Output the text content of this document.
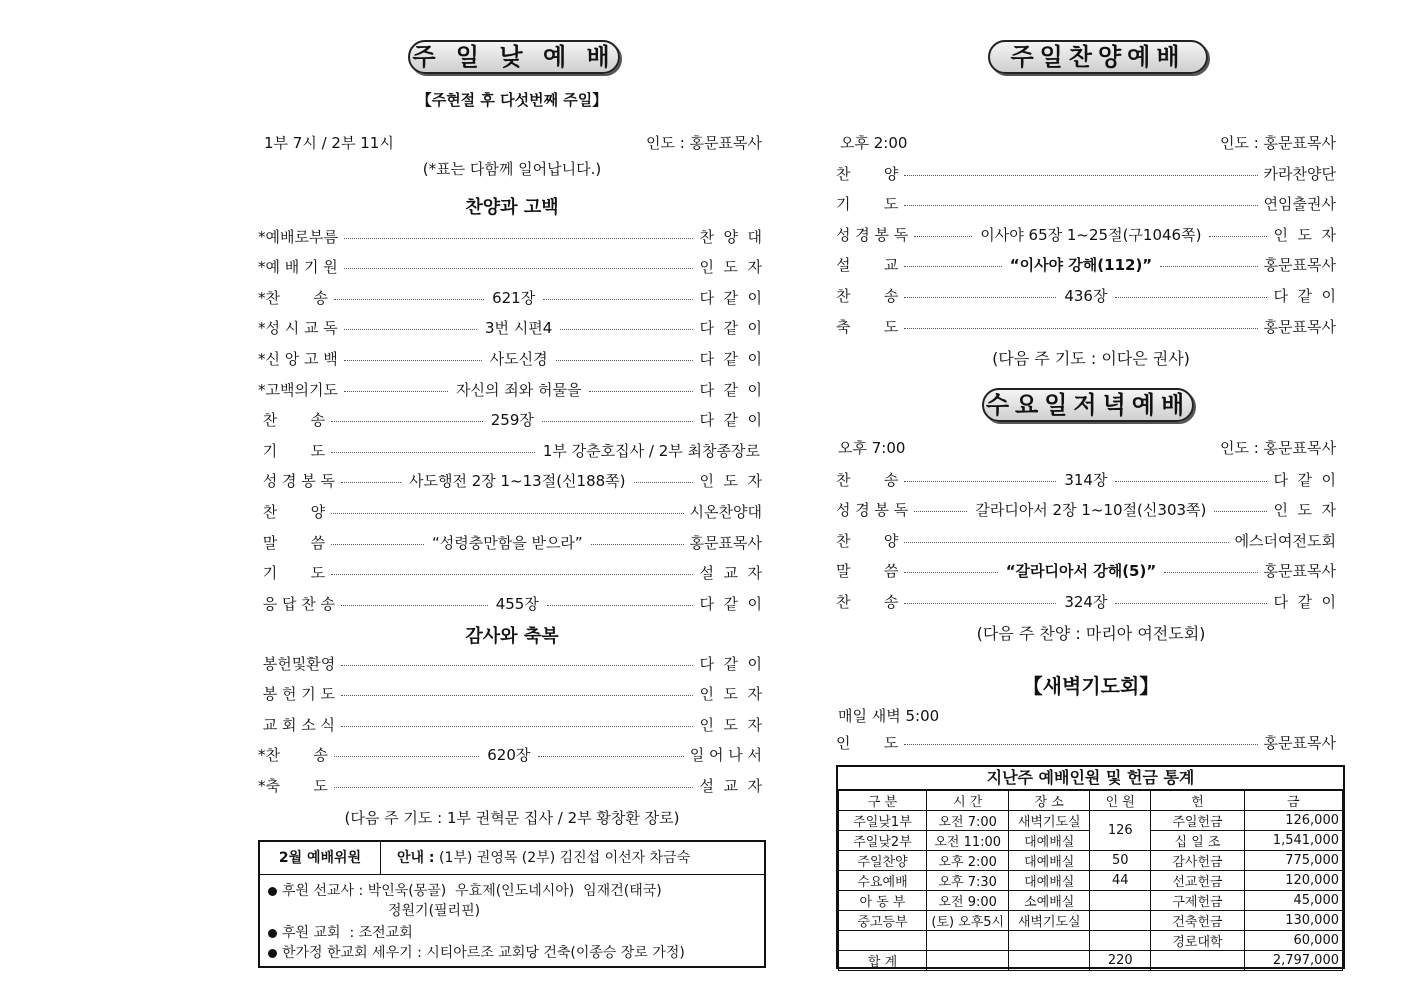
주 일 낮 예 배
【주현절 후 다섯번째 주일】
1부 7시 / 2부 11시	인도 : 홍문표목사
(*표는 다함께 일어납니다.)
찬양과 고백
*예배로부름	찬  양  대
*예 배 기 원	인  도  자
*찬       송	621장	다  같  이
*성 시 교 독	3번 시편4	다  같  이
*신 앙 고 백	사도신경	다  같  이
*고백의기도	자신의 죄와 허물을	다  같  이
찬       송	259장	다  같  이
기       도	1부 강춘호집사 / 2부 최창종장로
성 경 봉 독	사도행전 2장 1~13절(신188쪽)	인  도  자
찬       양	시온찬양대
말       씀	“성령충만함을 받으라”	홍문표목사
기       도	설  교  자
응 답 찬 송	455장	다  같  이
감사와 축복
봉헌및환영	다  같  이
봉 헌 기 도	인  도  자
교 회 소 식	인  도  자
*찬       송	620장	일 어 나 서
*축       도	설  교  자
(다음 주 기도 : 1부 권혁문 집사 / 2부 황창환 장로)
2월 예배위원	안내 : (1부) 권영목 (2부) 김진섭 이선자 차금숙
후원 선교사 : 박인욱(몽골)  우효제(인도네시아)  임재건(태국)
정원기(필리핀)
후원 교회  : 조전교회
한가정 한교회 세우기 : 시티아르조 교회당 건축(이종승 장로 가정)
주일찬양예배
오후 2:00	인도 : 홍문표목사
찬       양	카라찬양단
기       도	연임출권사
성 경 봉 독	이사야 65장 1~25절(구1046쪽)	인  도  자
설       교	“이사야 강해(112)”	홍문표목사
찬       송	436장	다  같  이
축       도	홍문표목사
(다음 주 기도 : 이다은 권사)
수요일저녁예배
오후 7:00	인도 : 홍문표목사
찬       송	314장	다  같  이
성 경 봉 독	갈라디아서 2장 1~10절(신303쪽)	인  도  자
찬       양	에스더여전도회
말       씀	“갈라디아서 강해(5)”	홍문표목사
찬       송	324장	다  같  이
(다음 주 찬양 : 마리아 여전도회)
【새벽기도회】
매일 새벽 5:00
인       도	홍문표목사
지난주 예배인원 및 헌금 통계
구 분	시 간	장 소	인 원	헌	금
주일낮1부	오전 7:00	새벽기도실	126	주일헌금	126,000
주일낮2부	오전 11:00	대예배실		십 일 조	1,541,000
주일찬양	오후 2:00	대예배실	50	감사헌금	775,000
수요예배	오후 7:30	대예배실	44	선교헌금	120,000
아 동 부	오전 9:00	소예배실		구제헌금	45,000
중고등부	(토) 오후5시	새벽기도실		건축헌금	130,000
				경로대학	60,000
합 계			220		2,797,000
